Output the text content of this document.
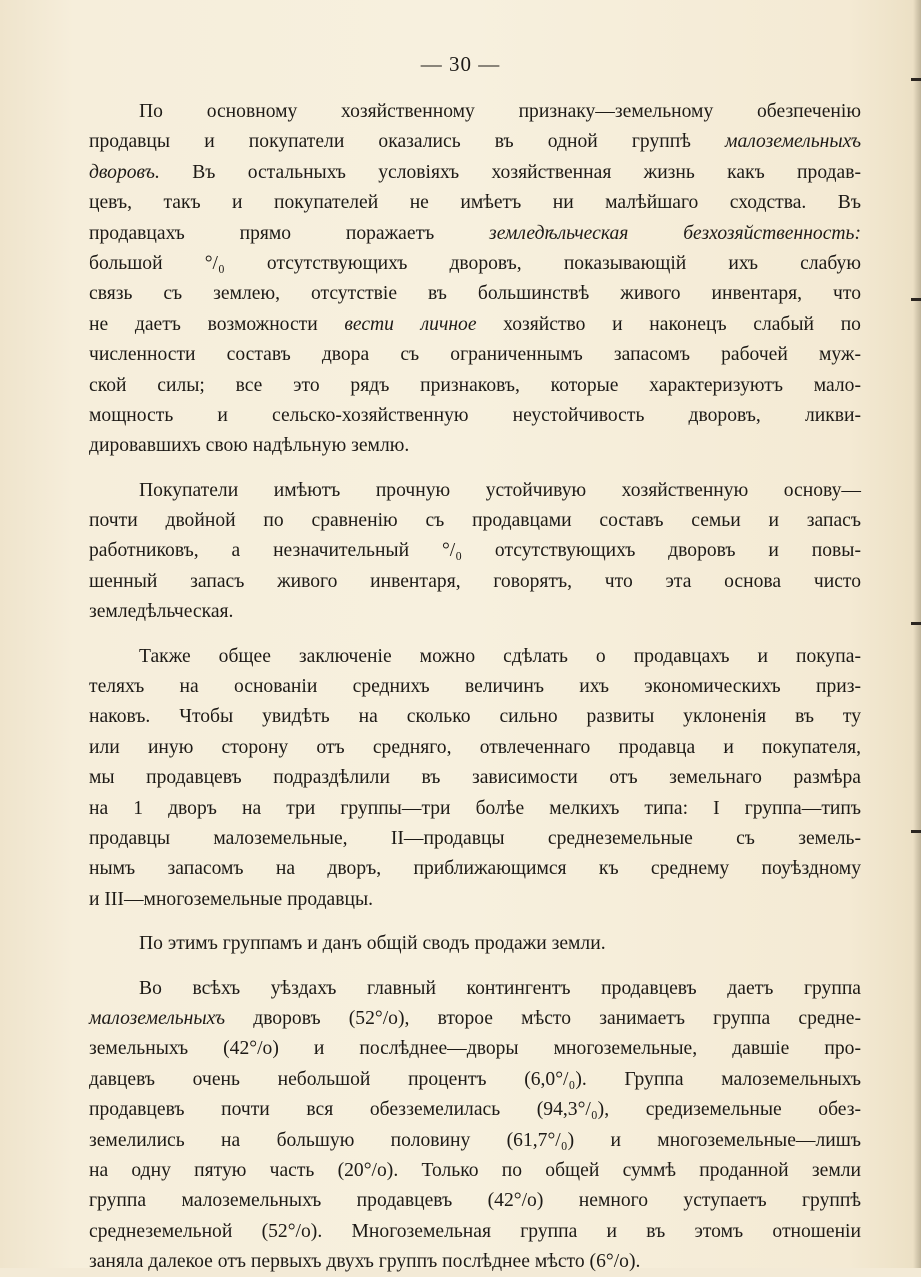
— 30 —
По основному хозяйственному признаку—земельному обезпеченію
продавцы и покупатели оказались въ одной группѣ малоземельныхъ
дворовъ. Въ остальныхъ условіяхъ хозяйственная жизнь какъ продав-
цевъ, такъ и покупателей не имѣетъ ни малѣйшаго сходства. Въ
продавцахъ прямо поражаетъ земледѣльческая безхозяйственность:
большой °/₀ отсутствующихъ дворовъ, показывающій ихъ слабую
связь съ землею, отсутствіе въ большинствѣ живого инвентаря, что
не даетъ возможности вести личное хозяйство и наконецъ слабый по
численности составъ двора съ ограниченнымъ запасомъ рабочей муж-
ской силы; все это рядъ признаковъ, которые характеризуютъ мало-
мощность и сельско-хозяйственную неустойчивость дворовъ, ликви-
дировавшихъ свою надѣльную землю.
Покупатели имѣютъ прочную устойчивую хозяйственную основу—
почти двойной по сравненію съ продавцами составъ семьи и запасъ
работниковъ, а незначительный °/₀ отсутствующихъ дворовъ и повы-
шенный запасъ живого инвентаря, говорятъ, что эта основа чисто
земледѣльческая.
Также общее заключеніе можно сдѣлать о продавцахъ и покупа-
теляхъ на основаніи среднихъ величинъ ихъ экономическихъ приз-
наковъ. Чтобы увидѣть на сколько сильно развиты уклоненія въ ту
или иную сторону отъ средняго, отвлеченнаго продавца и покупателя,
мы продавцевъ подраздѣлили въ зависимости отъ земельнаго размѣра
на 1 дворъ на три группы—три болѣе мелкихъ типа: I группа—типъ
продавцы малоземельные, II—продавцы среднеземельные съ земель-
нымъ запасомъ на дворъ, приближающимся къ среднему поуѣздному
и III—многоземельные продавцы.
По этимъ группамъ и данъ общій сводъ продажи земли.
Во всѣхъ уѣздахъ главный контингентъ продавцевъ даетъ группа
малоземельныхъ дворовъ (52°/о), второе мѣсто занимаетъ группа средне-
земельныхъ (42°/о) и послѣднее—дворы многоземельные, давшіе про-
давцевъ очень небольшой процентъ (6,0°/₀). Группа малоземельныхъ
продавцевъ почти вся обезземелилась (94,3°/₀), средиземельные обез-
земелились на большую половину (61,7°/₀) и многоземельные—лишъ
на одну пятую часть (20°/о). Только по общей суммѣ проданной земли
группа малоземельныхъ продавцевъ (42°/о) немного уступаетъ группѣ
среднеземельной (52°/о). Многоземельная группа и въ этомъ отношеніи
заняла далекое отъ первыхъ двухъ группъ послѣднее мѣсто (6°/о).
